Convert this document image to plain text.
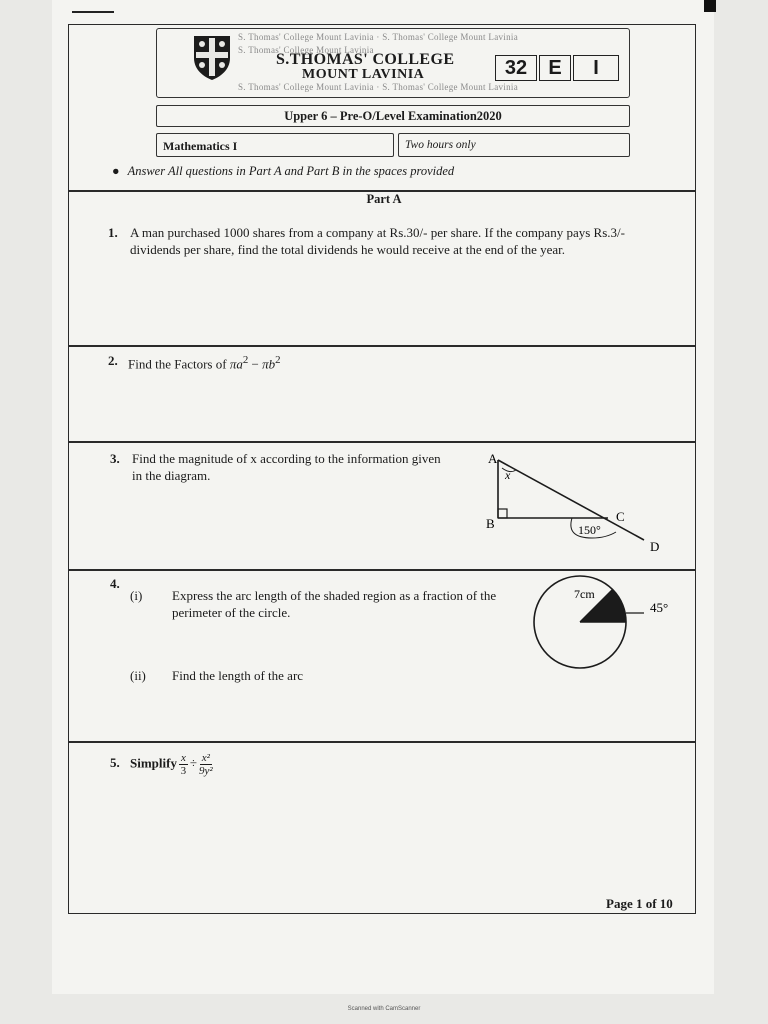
S. Thomas' College Mount Lavinia · S. Thomas' College Mount Lavinia
S. Thomas' College Mount Lavinia
S. Thomas' College Mount Lavinia · S. Thomas' College Mount Lavinia
S.THOMAS' COLLEGE
MOUNT LAVINIA	32	E	I
Upper 6 – Pre-O/Level Examination2020
Mathematics I	Two hours only
● Answer All questions in Part A and Part B in the spaces provided
Part A
1. A man purchased 1000 shares from a company at Rs.30/- per share. If the company pays Rs.3/-
dividends per share, find the total dividends he would receive at the end of the year.
2. Find the Factors of $\pi a^2 - \pi b^2$
3. Find the magnitude of x according to the information given
in the diagram.
A
B	C
D
x
150°
4.
(i) Express the arc length of the shaded region as a fraction of the
perimeter of the circle.
(ii) Find the length of the arc
7cm
45°
5. Simplify $\frac{x}{3} \div \frac{\text{x²}}{\text{9y²}}$
Page 1 of 10
Scanned with CamScanner
